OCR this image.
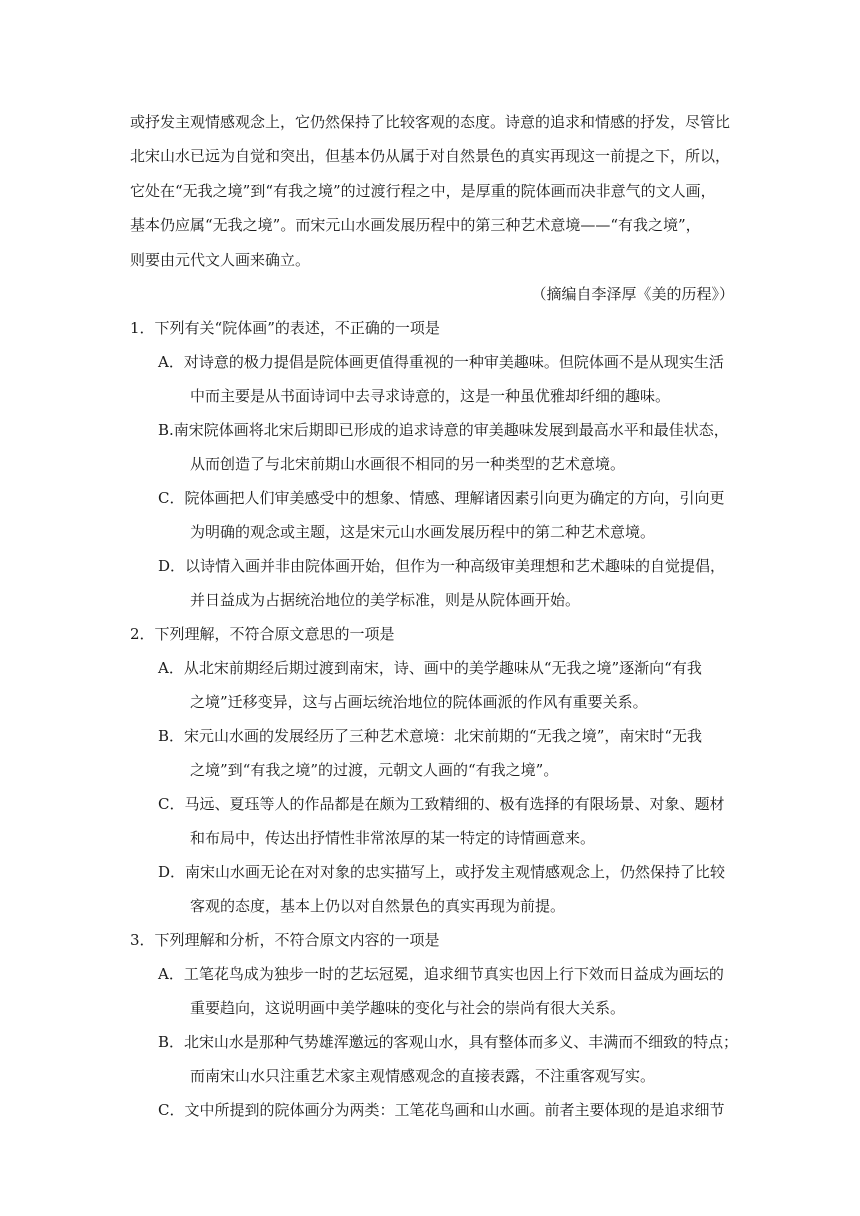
或抒发主观情感观念上，它仍然保持了比较客观的态度。诗意的追求和情感的抒发，尽管比
北宋山水已远为自觉和突出，但基本仍从属于对自然景色的真实再现这一前提之下，所以，
它处在“无我之境”到“有我之境”的过渡行程之中，是厚重的院体画而决非意气的文人画，
基本仍应属“无我之境”。而宋元山水画发展历程中的第三种艺术意境——“有我之境”，
则要由元代文人画来确立。
（摘编自李泽厚《美的历程》）
1．下列有关“院体画”的表述，不正确的一项是
A．对诗意的极力提倡是院体画更值得重视的一种审美趣味。但院体画不是从现实生活
中而主要是从书面诗词中去寻求诗意的，这是一种虽优雅却纤细的趣味。
B.南宋院体画将北宋后期即已形成的追求诗意的审美趣味发展到最高水平和最佳状态，
从而创造了与北宋前期山水画很不相同的另一种类型的艺术意境。
C．院体画把人们审美感受中的想象、情感、理解诸因素引向更为确定的方向，引向更
为明确的观念或主题，这是宋元山水画发展历程中的第二种艺术意境。
D．以诗情入画并非由院体画开始，但作为一种高级审美理想和艺术趣味的自觉提倡，
并日益成为占据统治地位的美学标准，则是从院体画开始。
2．下列理解，不符合原文意思的一项是
A．从北宋前期经后期过渡到南宋，诗、画中的美学趣味从“无我之境”逐渐向“有我
之境”迁移变异，这与占画坛统治地位的院体画派的作风有重要关系。
B．宋元山水画的发展经历了三种艺术意境：北宋前期的“无我之境”，南宋时“无我
之境”到“有我之境”的过渡，元朝文人画的“有我之境”。
C．马远、夏珏等人的作品都是在颇为工致精细的、极有选择的有限场景、对象、题材
和布局中，传达出抒情性非常浓厚的某一特定的诗情画意来。
D．南宋山水画无论在对对象的忠实描写上，或抒发主观情感观念上，仍然保持了比较
客观的态度，基本上仍以对自然景色的真实再现为前提。
3．下列理解和分析，不符合原文内容的一项是
A．工笔花鸟成为独步一时的艺坛冠冕，追求细节真实也因上行下效而日益成为画坛的
重要趋向，这说明画中美学趣味的变化与社会的崇尚有很大关系。
B．北宋山水是那种气势雄浑邀远的客观山水，具有整体而多义、丰满而不细致的特点；
而南宋山水只注重艺术家主观情感观念的直接表露，不注重客观写实。
C．文中所提到的院体画分为两类：工笔花鸟画和山水画。前者主要体现的是追求细节
